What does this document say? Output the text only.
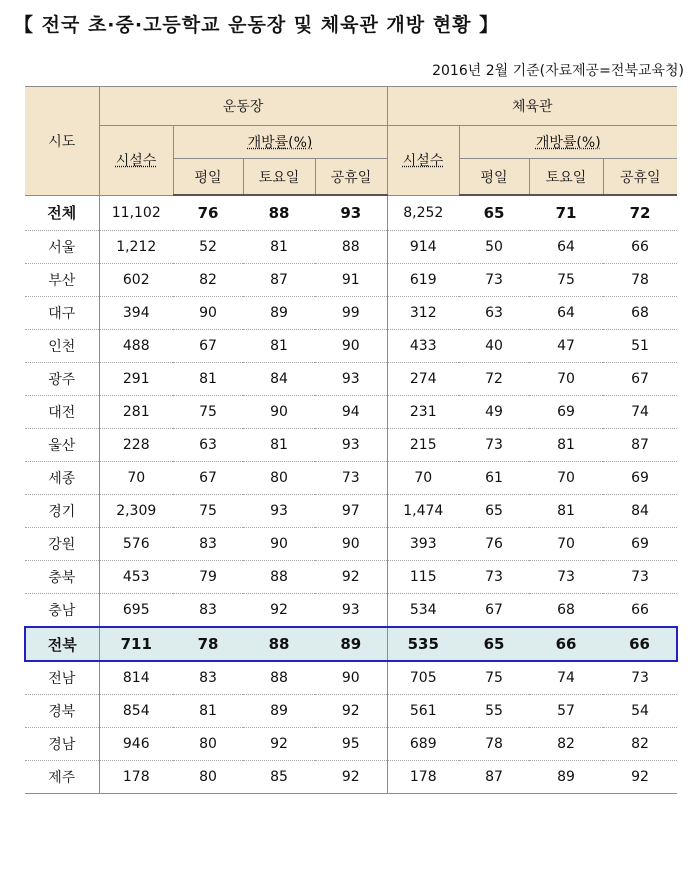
【 전국 초·중·고등학교 운동장 및 체육관 개방 현황 】
2016년 2월 기준(자료제공=전북교육청)
시도	운동장				체육관			
	시설수	개방률(%)			시설수	개방률(%)		
		평일	토요일	공휴일		평일	토요일	공휴일
전체	11,102	76	88	93	8,252	65	71	72
서울	1,212	52	81	88	914	50	64	66
부산	602	82	87	91	619	73	75	78
대구	394	90	89	99	312	63	64	68
인천	488	67	81	90	433	40	47	51
광주	291	81	84	93	274	72	70	67
대전	281	75	90	94	231	49	69	74
울산	228	63	81	93	215	73	81	87
세종	70	67	80	73	70	61	70	69
경기	2,309	75	93	97	1,474	65	81	84
강원	576	83	90	90	393	76	70	69
충북	453	79	88	92	115	73	73	73
충남	695	83	92	93	534	67	68	66
전북	711	78	88	89	535	65	66	66
전남	814	83	88	90	705	75	74	73
경북	854	81	89	92	561	55	57	54
경남	946	80	92	95	689	78	82	82
제주	178	80	85	92	178	87	89	92
